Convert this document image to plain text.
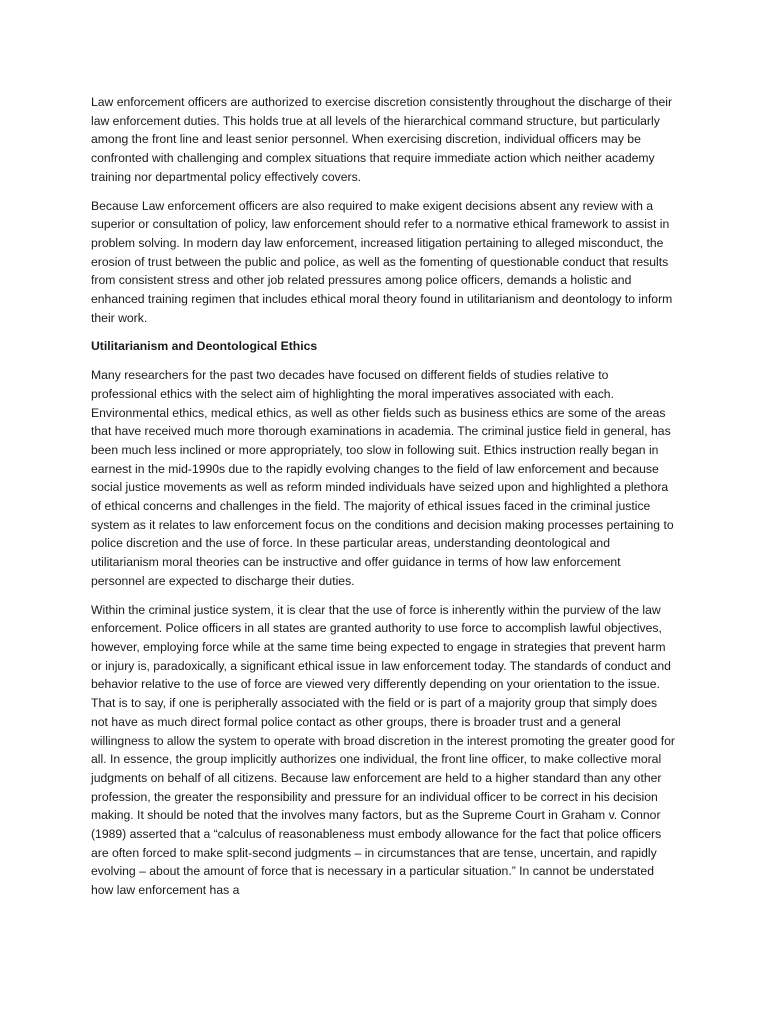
Law enforcement officers are authorized to exercise discretion consistently throughout the discharge of their law enforcement duties. This holds true at all levels of the hierarchical command structure, but particularly among the front line and least senior personnel. When exercising discretion, individual officers may be confronted with challenging and complex situations that require immediate action which neither academy training nor departmental policy effectively covers.

Because Law enforcement officers are also required to make exigent decisions absent any review with a superior or consultation of policy, law enforcement should refer to a normative ethical framework to assist in problem solving. In modern day law enforcement, increased litigation pertaining to alleged misconduct, the erosion of trust between the public and police, as well as the fomenting of questionable conduct that results from consistent stress and other job related pressures among police officers, demands a holistic and enhanced training regimen that includes ethical moral theory found in utilitarianism and deontology to inform their work.

Utilitarianism and Deontological Ethics

Many researchers for the past two decades have focused on different fields of studies relative to professional ethics with the select aim of highlighting the moral imperatives associated with each. Environmental ethics, medical ethics, as well as other fields such as business ethics are some of the areas that have received much more thorough examinations in academia. The criminal justice field in general, has been much less inclined or more appropriately, too slow in following suit. Ethics instruction really began in earnest in the mid-1990s due to the rapidly evolving changes to the field of law enforcement and because social justice movements as well as reform minded individuals have seized upon and highlighted a plethora of ethical concerns and challenges in the field. The majority of ethical issues faced in the criminal justice system as it relates to law enforcement focus on the conditions and decision making processes pertaining to police discretion and the use of force. In these particular areas, understanding deontological and utilitarianism moral theories can be instructive and offer guidance in terms of how law enforcement personnel are expected to discharge their duties.

Within the criminal justice system, it is clear that the use of force is inherently within the purview of the law enforcement. Police officers in all states are granted authority to use force to accomplish lawful objectives, however, employing force while at the same time being expected to engage in strategies that prevent harm or injury is, paradoxically, a significant ethical issue in law enforcement today. The standards of conduct and behavior relative to the use of force are viewed very differently depending on your orientation to the issue. That is to say, if one is peripherally associated with the field or is part of a majority group that simply does not have as much direct formal police contact as other groups, there is broader trust and a general willingness to allow the system to operate with broad discretion in the interest promoting the greater good for all. In essence, the group implicitly authorizes one individual, the front line officer, to make collective moral judgments on behalf of all citizens. Because law enforcement are held to a higher standard than any other profession, the greater the responsibility and pressure for an individual officer to be correct in his decision making. It should be noted that the involves many factors, but as the Supreme Court in Graham v. Connor (1989) asserted that a “calculus of reasonableness must embody allowance for the fact that police officers are often forced to make split-second judgments – in circumstances that are tense, uncertain, and rapidly evolving – about the amount of force that is necessary in a particular situation.” In cannot be understated how law enforcement has a
